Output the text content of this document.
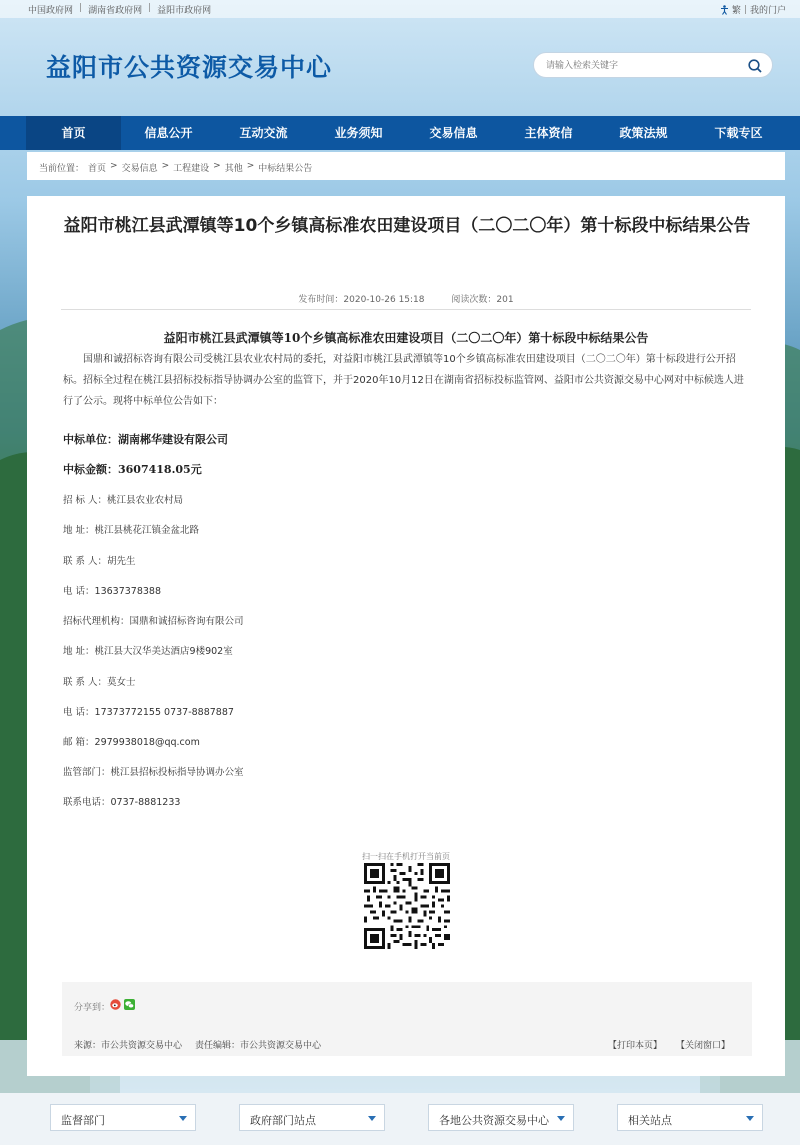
中国政府网 | 湖南省政府网 | 益阳市政府网	繁 | 我的门户
益阳市公共资源交易中心
请输入检索关键字
首页	信息公开	互动交流	业务须知	交易信息	主体资信	政策法规	下载专区
当前位置： 首页 > 交易信息 > 工程建设 > 其他 > 中标结果公告
益阳市桃江县武潭镇等10个乡镇高标准农田建设项目（二〇二〇年）第十标段中标结果公告
发布时间：2020-10-26 15:18	阅读次数：201
益阳市桃江县武潭镇等10个乡镇高标准农田建设项目（二〇二〇年）第十标段中标结果公告
国鼎和诚招标咨询有限公司受桃江县农业农村局的委托，对益阳市桃江县武潭镇等10个乡镇高标准农田建设项目（二〇二〇年）第十标段进行公开招标。招标全过程在桃江县招标投标指导协调办公室的监管下，并于2020年10月12日在湖南省招标投标监管网、益阳市公共资源交易中心网对中标候选人进行了公示。现将中标单位公告如下：
中标单位：湖南郴华建设有限公司
中标金额：3607418.05元
招 标 人：桃江县农业农村局
地 址：桃江县桃花江镇金盆北路
联 系 人：胡先生
电 话：13637378388
招标代理机构：国鼎和诚招标咨询有限公司
地 址：桃江县大汉华美达酒店9楼902室
联 系 人：莫女士
电 话：17373772155 0737-8887887
邮 箱：2979938018@qq.com
监管部门：桃江县招标投标指导协调办公室
联系电话：0737-8881233
扫一扫在手机打开当前页
分享到：
来源：市公共资源交易中心 责任编辑：市公共资源交易中心	【打印本页】 【关闭窗口】
监督部门	政府部门站点	各地公共资源交易中心	相关站点
